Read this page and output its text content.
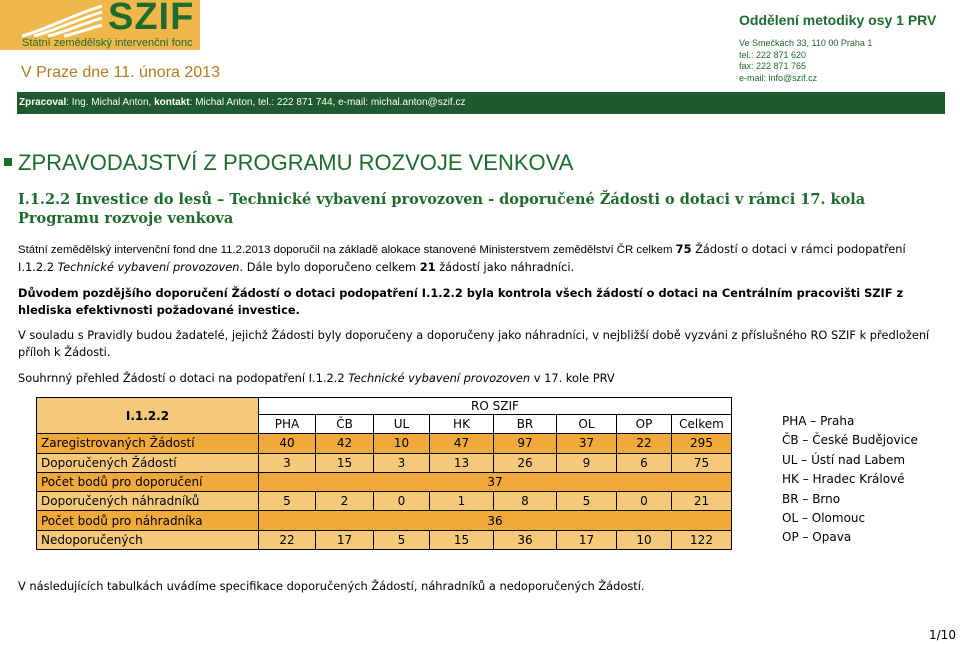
SZIF
Státní zemědělský intervenční fonc
V Praze dne 11. února 2013
Oddělení metodiky osy 1 PRV
Ve Smečkách 33, 110 00 Praha 1
tel.: 222 871 620
fax: 222 871 765
e-mail: info@szif.cz
Zpracoval: Ing. Michal Anton, kontakt: Michal Anton, tel.: 222 871 744, e-mail: michal.anton@szif.cz
ZPRAVODAJSTVÍ Z PROGRAMU ROZVOJE VENKOVA
I.1.2.2 Investice do lesů – Technické vybavení provozoven - doporučené Žádosti o dotaci v rámci 17. kola Programu rozvoje venkova
Státní zemědělský intervenční fond dne 11.2.2013 doporučil na základě alokace stanovené Ministerstvem zemědělství ČR celkem 75 Žádostí o dotaci v rámci podopatření I.1.2.2 Technické vybavení provozoven. Dále bylo doporučeno celkem 21 žádostí jako náhradníci.
Důvodem pozdějšího doporučení Žádostí o dotaci podopatření I.1.2.2 byla kontrola všech žádostí o dotaci na Centrálním pracovišti SZIF z hlediska efektivnosti požadované investice.
V souladu s Pravidly budou žadatelé, jejichž Žádosti byly doporučeny a doporučeny jako náhradníci, v nejbližší době vyzváni z příslušného RO SZIF k předložení příloh k Žádosti.
Souhrnný přehled Žádostí o dotaci na podopatření I.1.2.2 Technické vybavení provozoven v 17. kole PRV
I.1.2.2	RO SZIF							
	PHA	ČB	UL	HK	BR	OL	OP	Celkem
Zaregistrovaných Žádostí	40	42	10	47	97	37	22	295
Doporučených Žádostí	3	15	3	13	26	9	6	75
Počet bodů pro doporučení	37							
Doporučených náhradníků	5	2	0	1	8	5	0	21
Počet bodů pro náhradníka	36							
Nedoporučených	22	17	5	15	36	17	10	122
PHA – Praha
ČB – České Budějovice
UL – Ústí nad Labem
HK – Hradec Králové
BR – Brno
OL – Olomouc
OP – Opava
V následujících tabulkách uvádíme specifikace doporučených Žádostí, náhradníků a nedoporučených Žádostí.
1/10
